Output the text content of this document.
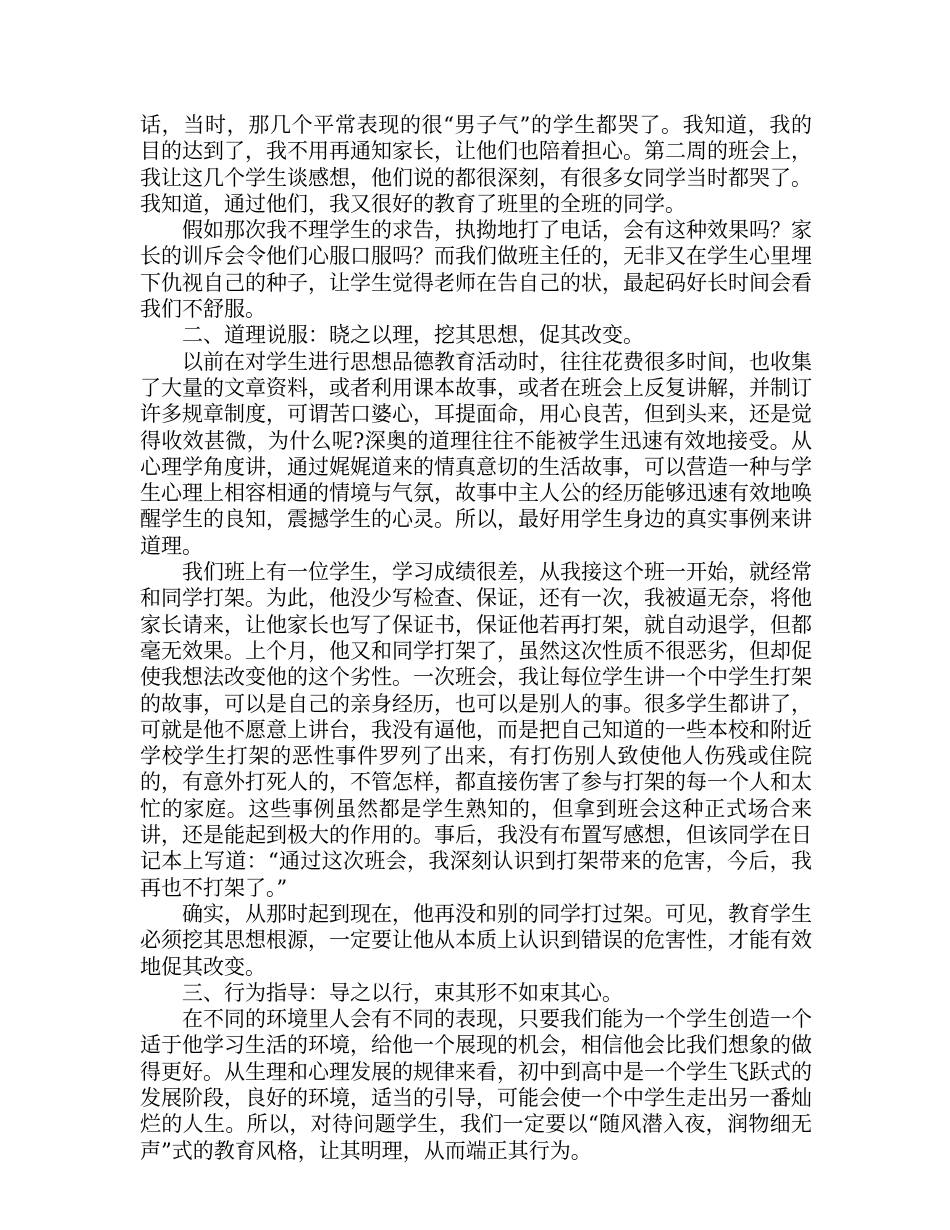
话，当时，那几个平常表现的很“男子气”的学生都哭了。我知道，我的目的达到了，我不用再通知家长，让他们也陪着担心。第二周的班会上，我让这几个学生谈感想，他们说的都很深刻，有很多女同学当时都哭了。我知道，通过他们，我又很好的教育了班里的全班的同学。

假如那次我不理学生的求告，执拗地打了电话，会有这种效果吗？家长的训斥会令他们心服口服吗？而我们做班主任的，无非又在学生心里埋下仇视自己的种子，让学生觉得老师在告自己的状，最起码好长时间会看我们不舒服。

二、道理说服：晓之以理，挖其思想，促其改变。

以前在对学生进行思想品德教育活动时，往往花费很多时间，也收集了大量的文章资料，或者利用课本故事，或者在班会上反复讲解，并制订许多规章制度，可谓苦口婆心，耳提面命，用心良苦，但到头来，还是觉得收效甚微，为什么呢?深奥的道理往往不能被学生迅速有效地接受。从心理学角度讲，通过娓娓道来的情真意切的生活故事，可以营造一种与学生心理上相容相通的情境与气氛，故事中主人公的经历能够迅速有效地唤醒学生的良知，震撼学生的心灵。所以，最好用学生身边的真实事例来讲道理。

我们班上有一位学生，学习成绩很差，从我接这个班一开始，就经常和同学打架。为此，他没少写检查、保证，还有一次，我被逼无奈，将他家长请来，让他家长也写了保证书，保证他若再打架，就自动退学，但都毫无效果。上个月，他又和同学打架了，虽然这次性质不很恶劣，但却促使我想法改变他的这个劣性。一次班会，我让每位学生讲一个中学生打架的故事，可以是自己的亲身经历，也可以是别人的事。很多学生都讲了，可就是他不愿意上讲台，我没有逼他，而是把自己知道的一些本校和附近学校学生打架的恶性事件罗列了出来，有打伤别人致使他人伤残或住院的，有意外打死人的，不管怎样，都直接伤害了参与打架的每一个人和太忙的家庭。这些事例虽然都是学生熟知的，但拿到班会这种正式场合来讲，还是能起到极大的作用的。事后，我没有布置写感想，但该同学在日记本上写道：“通过这次班会，我深刻认识到打架带来的危害，今后，我再也不打架了。”

确实，从那时起到现在，他再没和别的同学打过架。可见，教育学生必须挖其思想根源，一定要让他从本质上认识到错误的危害性，才能有效地促其改变。

三、行为指导：导之以行，束其形不如束其心。

在不同的环境里人会有不同的表现，只要我们能为一个学生创造一个适于他学习生活的环境，给他一个展现的机会，相信他会比我们想象的做得更好。从生理和心理发展的规律来看，初中到高中是一个学生飞跃式的发展阶段，良好的环境，适当的引导，可能会使一个中学生走出另一番灿烂的人生。所以，对待问题学生，我们一定要以“随风潜入夜，润物细无声”式的教育风格，让其明理，从而端正其行为。
